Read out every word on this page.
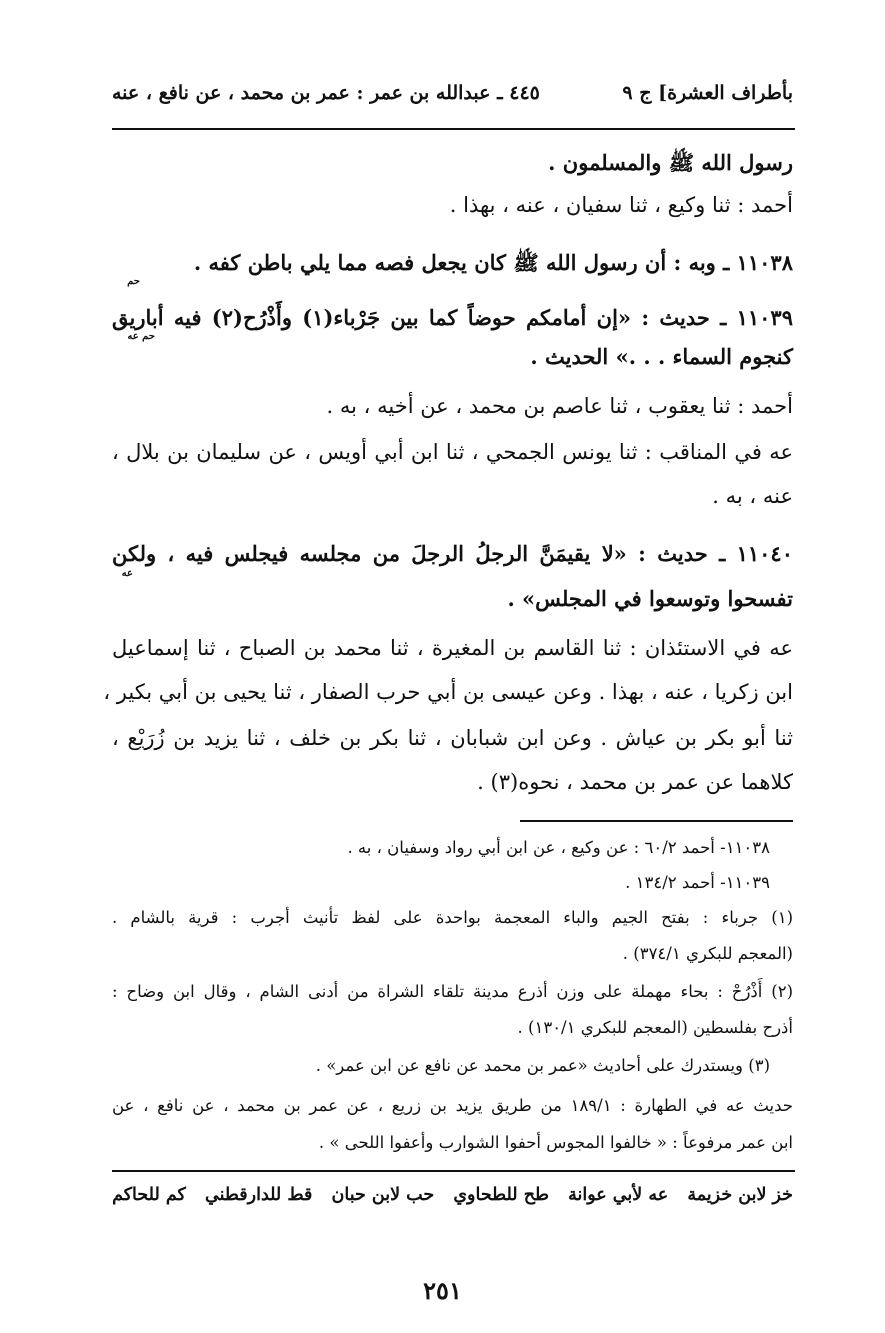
بأطراف العشرة] ج ٩
٤٤٥ ـ عبدالله بن عمر : عمر بن محمد ، عن نافع ، عنه
رسول الله ﷺ والمسلمون .
أحمد : ثنا وكيع ، ثنا سفيان ، عنه ، بهذا .
١١٠٣٨ ـ وبه : أن رسول الله ﷺ كان يجعل فصه مما يلي باطن كفه .
حم
١١٠٣٩ ـ حديث : «إن أمامكم حوضاً كما بين جَرْباء(١) وأَذْرُح(٢) فيه أباريق
حم عه
كنجوم السماء . . .» الحديث .
أحمد : ثنا يعقوب ، ثنا عاصم بن محمد ، عن أخيه ، به .
عه في المناقب : ثنا يونس الجمحي ، ثنا ابن أبي أويس ، عن سليمان بن بلال ،
عنه ، به .
١١٠٤٠ ـ حديث : «لا يقيمَنَّ الرجلُ الرجلَ من مجلسه فيجلس فيه ، ولكن
عه
تفسحوا وتوسعوا في المجلس» .
عه في الاستئذان : ثنا القاسم بن المغيرة ، ثنا محمد بن الصباح ، ثنا إسماعيل
ابن زكريا ، عنه ، بهذا . وعن عيسى بن أبي حرب الصفار ، ثنا يحيى بن أبي بكير ،
ثنا أبو بكر بن عياش . وعن ابن شبابان ، ثنا بكر بن خلف ، ثنا يزيد بن زُرَيْع ،
كلاهما عن عمر بن محمد ، نحوه(٣) .
١١٠٣٨- أحمد ٦٠/٢ : عن وكيع ، عن ابن أبي رواد وسفيان ، به .
١١٠٣٩- أحمد ١٣٤/٢ .
(١) جرباء : بفتح الجيم والباء المعجمة بواحدة على لفظ تأنيث أجرب : قرية بالشام .
(المعجم للبكري ٣٧٤/١) .
(٢) أَذْرُحْ : بحاء مهملة على وزن أذرع مدينة تلقاء الشراة من أدنى الشام ، وقال ابن وضاح :
أذرح بفلسطين (المعجم للبكري ١٣٠/١) .
(٣) ويستدرك على أحاديث «عمر بن محمد عن نافع عن ابن عمر» .
حديث عه في الطهارة : ١٨٩/١ من طريق يزيد بن زريع ، عن عمر بن محمد ، عن نافع ، عن
ابن عمر مرفوعاً : « خالفوا المجوس أحفوا الشوارب وأعفوا اللحى » .
خز لابن خزيمة
عه لأبي عوانة
طح للطحاوي
حب لابن حبان
قط للدارقطني
كم للحاكم
٢٥١
